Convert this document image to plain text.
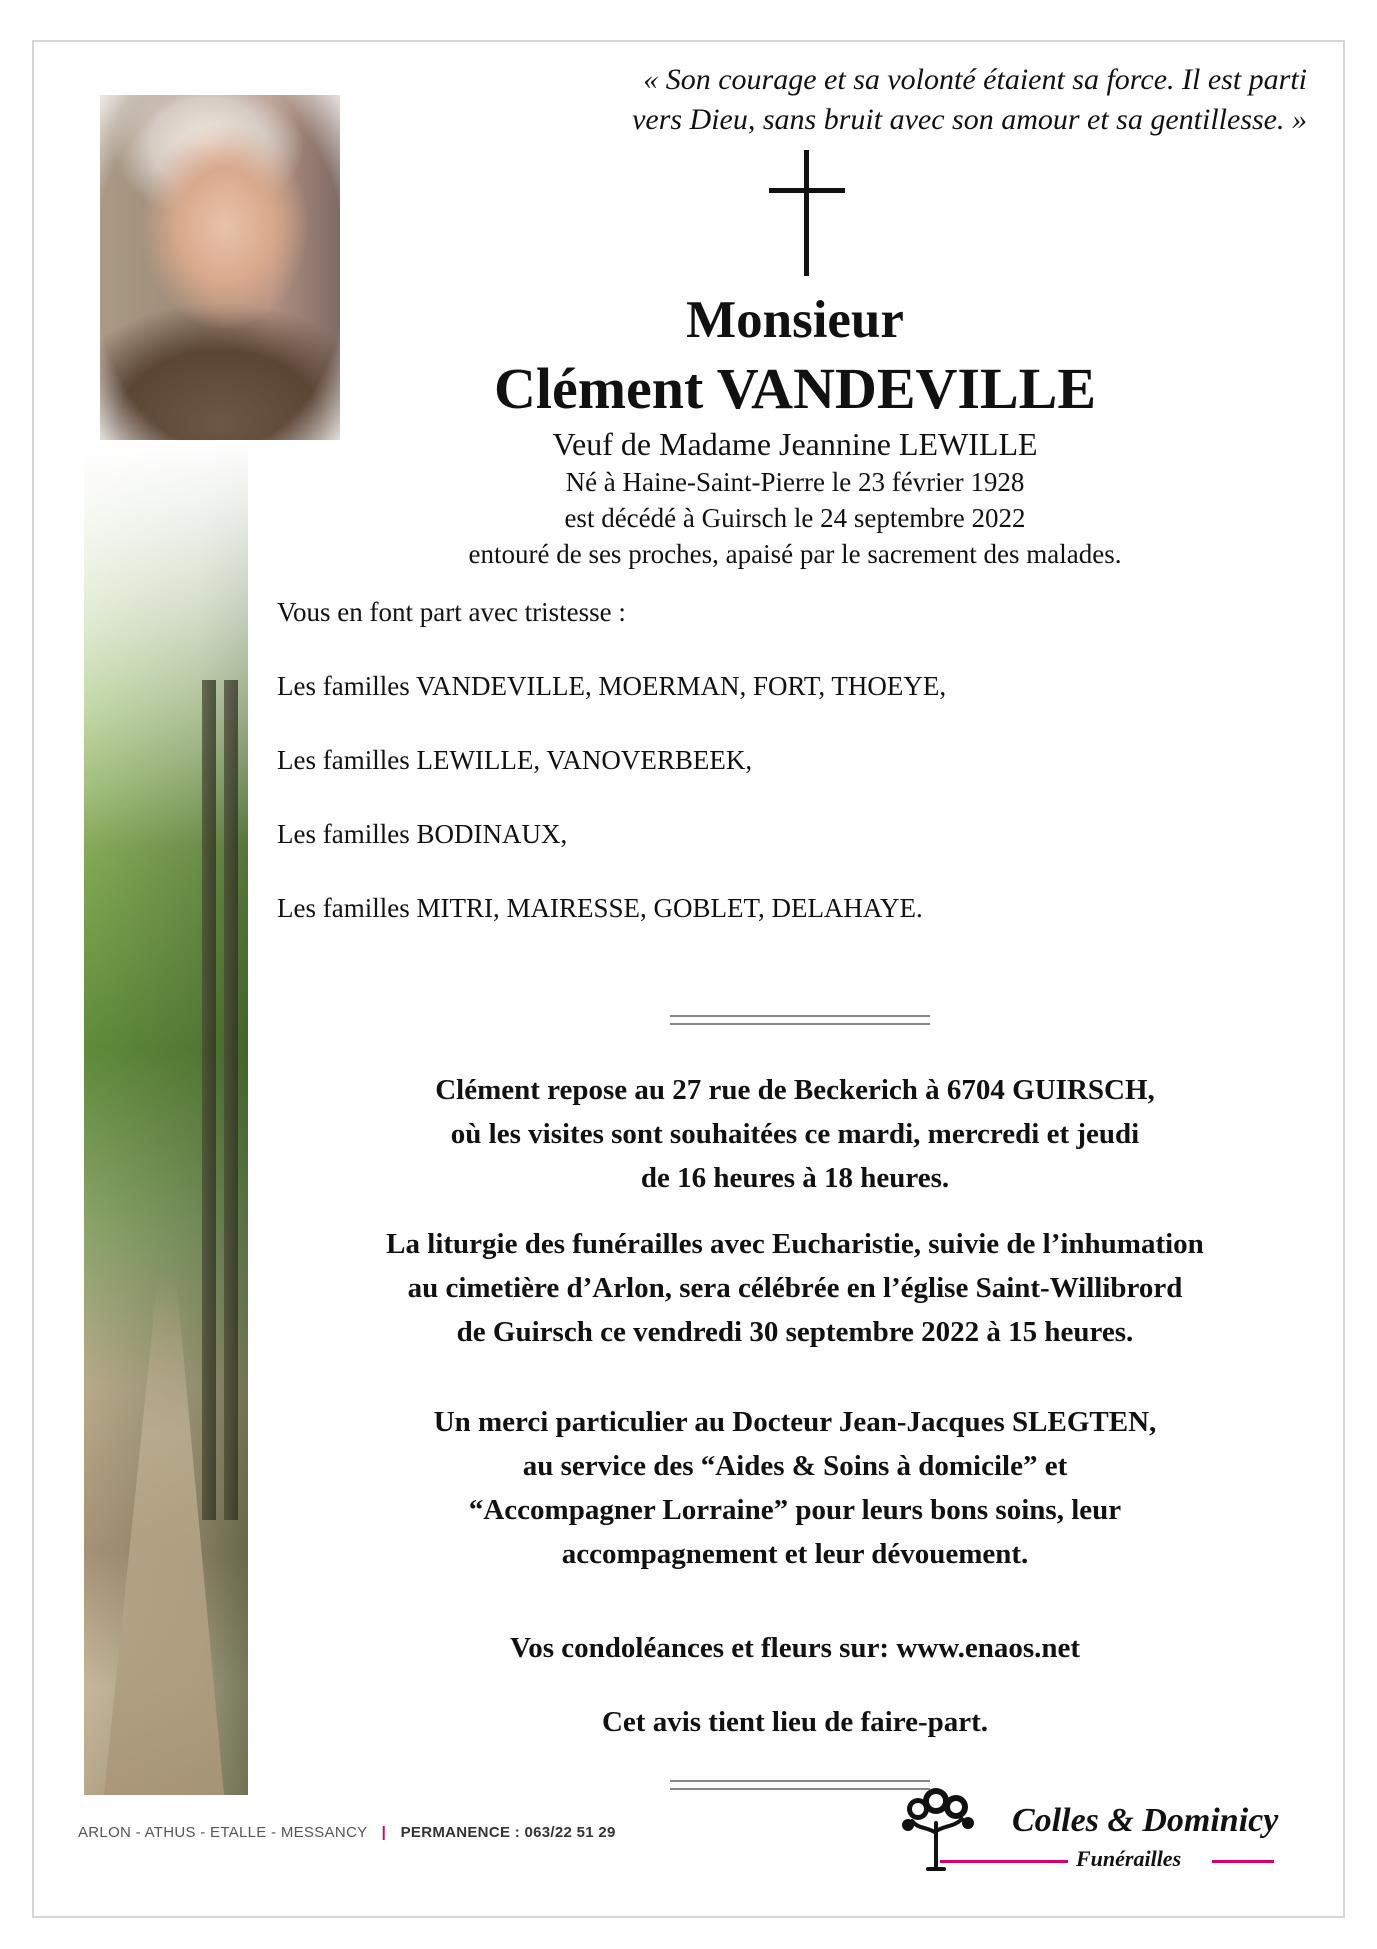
« Son courage et sa volonté étaient sa force. Il est parti
vers Dieu, sans bruit avec son amour et sa gentillesse. »
Monsieur
Clément VANDEVILLE
Veuf de Madame Jeannine LEWILLE
Né à Haine-Saint-Pierre le 23 février 1928
est décédé à Guirsch le 24 septembre 2022
entouré de ses proches, apaisé par le sacrement des malades.
Vous en font part avec tristesse :
Les familles VANDEVILLE, MOERMAN, FORT, THOEYE,
Les familles LEWILLE, VANOVERBEEK,
Les familles BODINAUX,
Les familles MITRI, MAIRESSE, GOBLET, DELAHAYE.
Clément repose au 27 rue de Beckerich à 6704 GUIRSCH,
où les visites sont souhaitées ce mardi, mercredi et jeudi
de 16 heures à 18 heures.
La liturgie des funérailles avec Eucharistie, suivie de l’inhumation
au cimetière d’Arlon, sera célébrée en l’église Saint-Willibrord
de Guirsch ce vendredi 30 septembre 2022 à 15 heures.
Un merci particulier au Docteur Jean-Jacques SLEGTEN,
au service des “Aides & Soins à domicile” et
“Accompagner Lorraine” pour leurs bons soins, leur
accompagnement et leur dévouement.
Vos condoléances et fleurs sur: www.enaos.net
Cet avis tient lieu de faire-part.
ARLON - ATHUS - ETALLE - MESSANCY | PERMANENCE : 063/22 51 29	Colles & Dominicy
Funérailles
